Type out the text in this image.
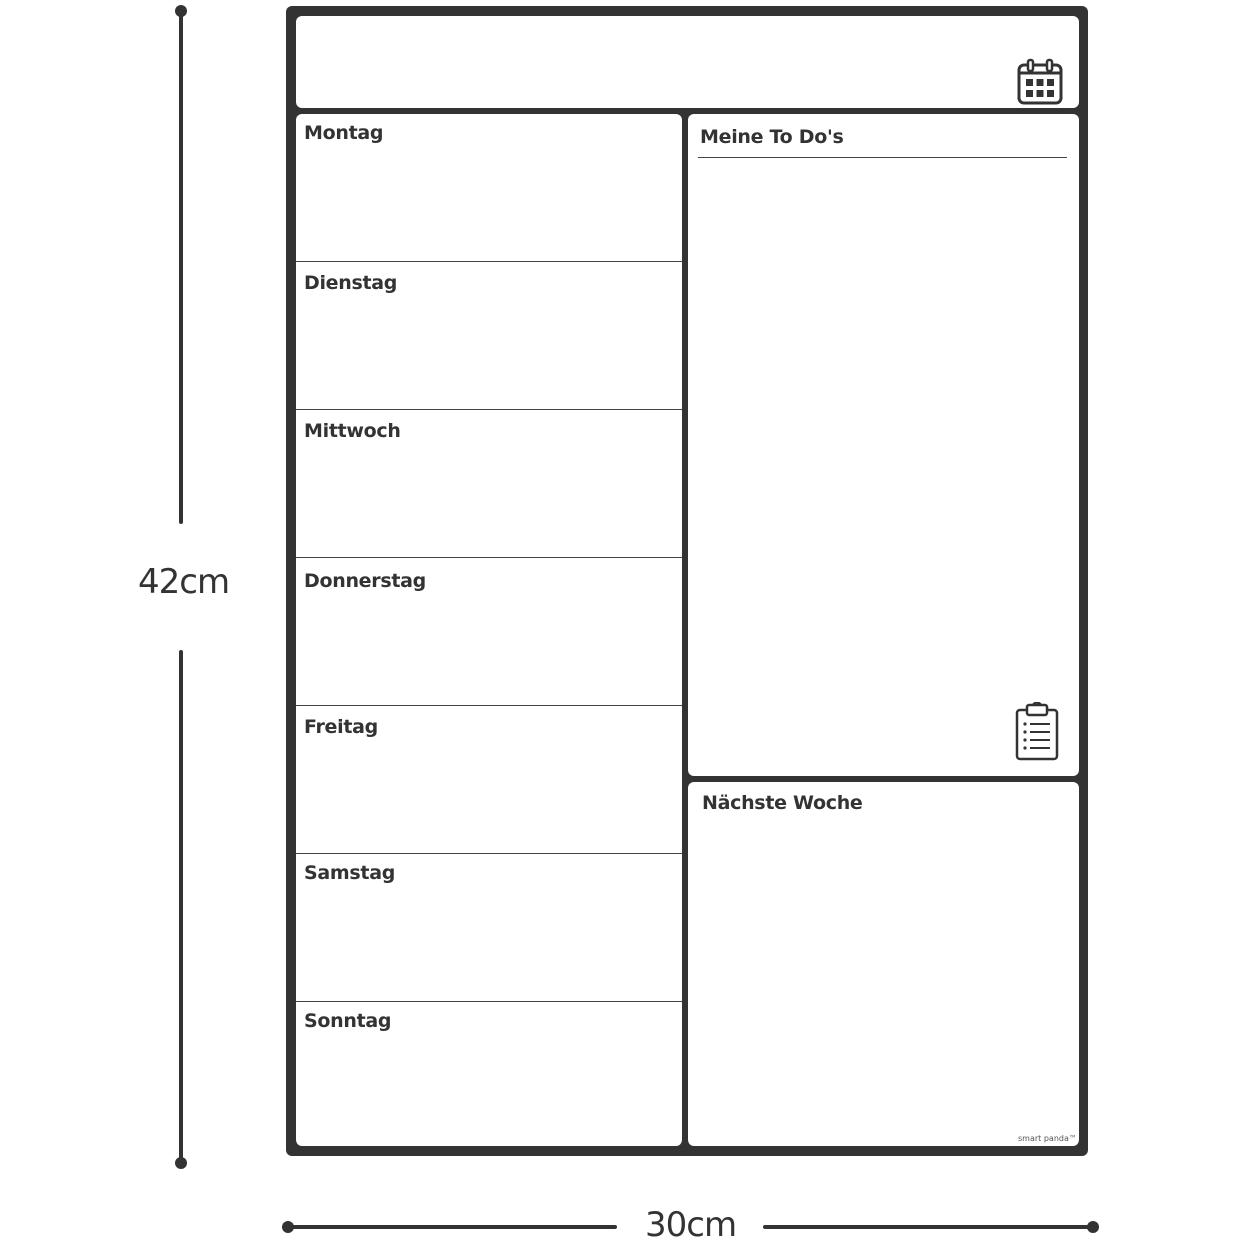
42cm
30cm
Montag
Dienstag
Mittwoch
Donnerstag
Freitag
Samstag
Sonntag
Meine To Do's
Nächste Woche
smart panda™
